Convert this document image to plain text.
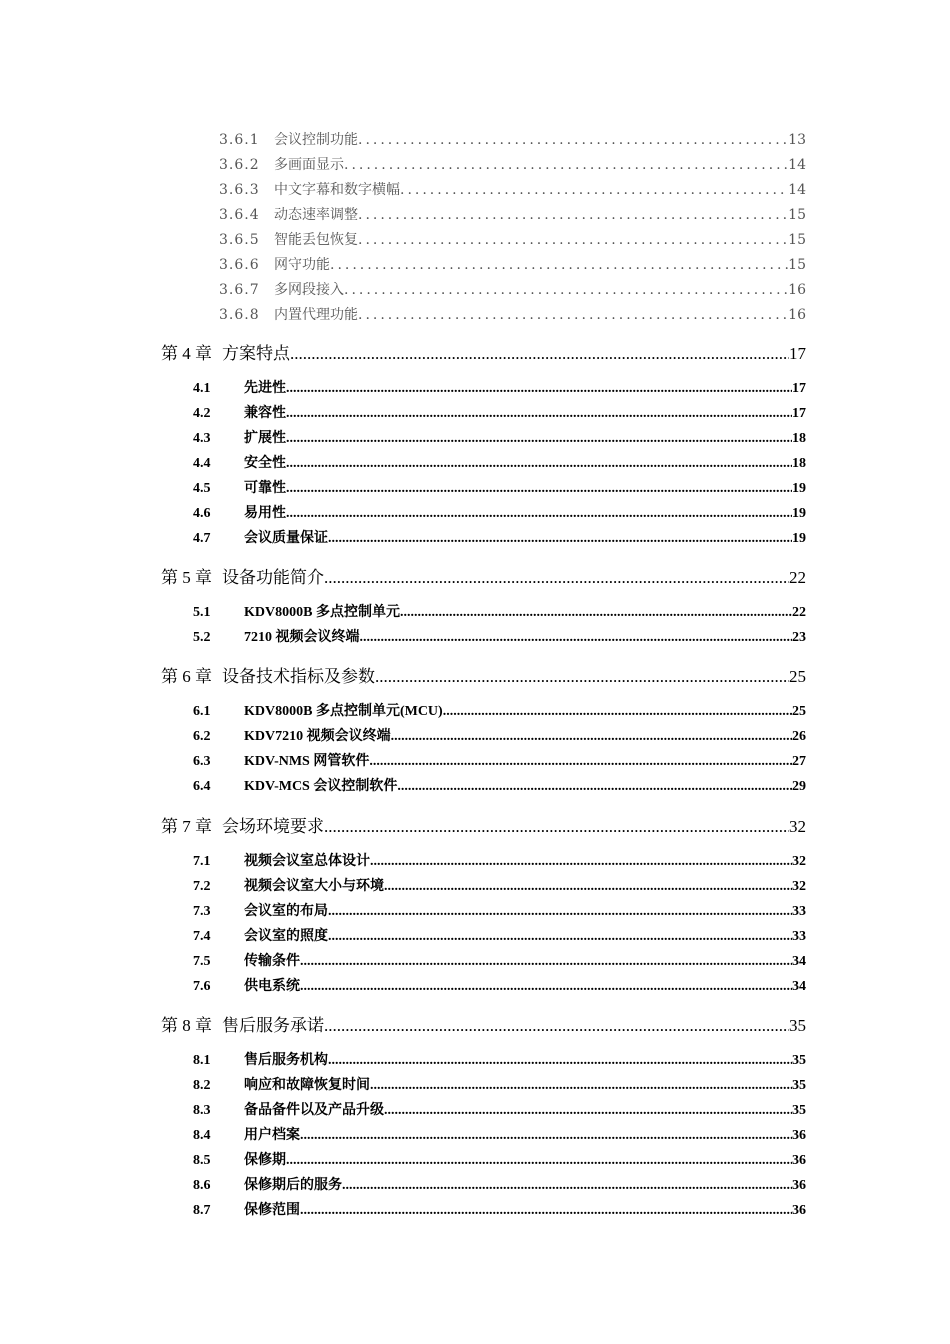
3.6.1	会议控制功能 .....	13
3.6.2	多画面显示 .....	14
3.6.3	中文字幕和数字横幅 .....	14
3.6.4	动态速率调整 .....	15
3.6.5	智能丢包恢复 .....	15
3.6.6	网守功能 .....	15
3.6.7	多网段接入 .....	16
3.6.8	内置代理功能 .....	16
第 4 章 方案特点 .....	17
4.1	先进性 .....	17
4.2	兼容性 .....	17
4.3	扩展性 .....	18
4.4	安全性 .....	18
4.5	可靠性 .....	19
4.6	易用性 .....	19
4.7	会议质量保证 .....	19
第 5 章 设备功能简介 .....	22
5.1	KDV8000B 多点控制单元 .....	22
5.2	7210 视频会议终端 .....	23
第 6 章 设备技术指标及参数 .....	25
6.1	KDV8000B 多点控制单元(MCU) .....	25
6.2	KDV7210 视频会议终端 .....	26
6.3	KDV-NMS 网管软件 .....	27
6.4	KDV-MCS 会议控制软件 .....	29
第 7 章 会场环境要求 .....	32
7.1	视频会议室总体设计 .....	32
7.2	视频会议室大小与环境 .....	32
7.3	会议室的布局 .....	33
7.4	会议室的照度 .....	33
7.5	传输条件 .....	34
7.6	供电系统 .....	34
第 8 章 售后服务承诺 .....	35
8.1	售后服务机构 .....	35
8.2	响应和故障恢复时间 .....	35
8.3	备品备件以及产品升级 .....	35
8.4	用户档案 .....	36
8.5	保修期 .....	36
8.6	保修期后的服务 .....	36
8.7	保修范围 .....	36
